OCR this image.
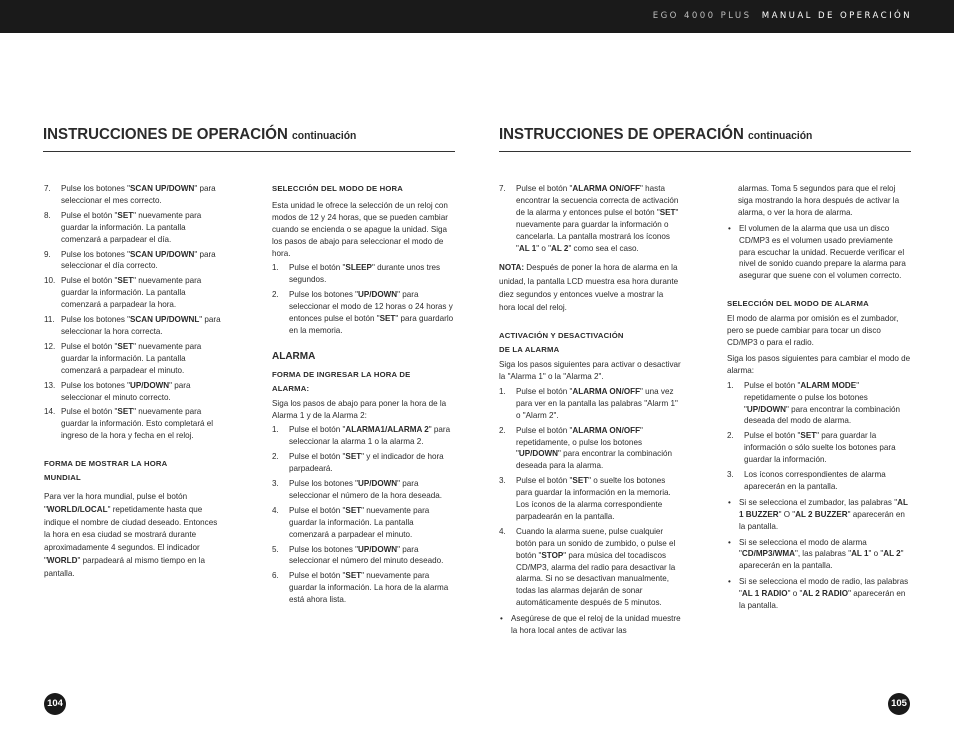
EGO 4000 PLUS MANUAL DE OPERACIÓN
INSTRUCCIONES DE OPERACIÓN continuación	INSTRUCCIONES DE OPERACIÓN continuación

7. Pulse los botones "SCAN UP/DOWN" para seleccionar el mes correcto.

8. Pulse el botón "SET" nuevamente para guardar la información. La pantalla comenzará a parpadear el día.

9. Pulse los botones "SCAN UP/DOWN" para seleccionar el día correcto.

10. Pulse el botón "SET" nuevamente para guardar la información. La pantalla comenzará a parpadear la hora.

11. Pulse los botones "SCAN UP/DOWNL" para seleccionar la hora correcta.

12. Pulse el botón "SET" nuevamente para guardar la información. La pantalla comenzará a parpadear el minuto.

13. Pulse los botones "UP/DOWN" para seleccionar el minuto correcto.

14. Pulse el botón "SET" nuevamente para guardar la información. Esto completará el ingreso de la hora y fecha en el reloj.

FORMA DE MOSTRAR LA HORA

MUNDIAL

Para ver la hora mundial, pulse el botón "WORLD/LOCAL" repetidamente hasta que indique el nombre de ciudad deseado. Entonces la hora en esa ciudad se mostrará durante aproximadamente 4 segundos. El indicador "WORLD" parpadeará al mismo tiempo en la pantalla.

SELECCIÓN DEL MODO DE HORA

Esta unidad le ofrece la selección de un reloj con modos de 12 y 24 horas, que se pueden cambiar cuando se encienda o se apague la unidad. Siga los pasos de abajo para seleccionar el modo de hora.

1. Pulse el botón "SLEEP" durante unos tres segundos.

2. Pulse los botones "UP/DOWN" para seleccionar el modo de 12 horas o 24 horas y entonces pulse el botón "SET" para guardarlo en la memoria.

ALARMA

FORMA DE INGRESAR LA HORA DE

ALARMA:

Siga los pasos de abajo para poner la hora de la Alarma 1 y de la Alarma 2:

1. Pulse el botón "ALARMA1/ALARMA 2" para seleccionar la alarma 1 o la alarma 2.

2. Pulse el botón "SET" y el indicador de hora parpadeará.

3. Pulse los botones "UP/DOWN" para seleccionar el número de la hora deseada.

4. Pulse el botón "SET" nuevamente para guardar la información. La pantalla comenzará a parpadear el minuto.

5. Pulse los botones "UP/DOWN" para seleccionar el número del minuto deseado.

6. Pulse el botón "SET" nuevamente para guardar la información. La hora de la alarma está ahora lista.

7. Pulse el botón "ALARMA ON/OFF" hasta encontrar la secuencia correcta de activación de la alarma y entonces pulse el botón "SET" nuevamente para guardar la información o cancelarla. La pantalla mostrará los íconos "AL 1" o "AL 2" como sea el caso.

NOTA: Después de poner la hora de alarma en la unidad, la pantalla LCD muestra esa hora durante diez segundos y entonces vuelve a mostrar la hora local del reloj.

ACTIVACIÓN Y DESACTIVACIÓN

DE LA ALARMA

Siga los pasos siguientes para activar o desactivar la "Alarma 1" o la "Alarma 2".

1. Pulse el botón "ALARMA ON/OFF" una vez para ver en la pantalla las palabras "Alarm 1" o "Alarm 2".

2. Pulse el botón "ALARMA ON/OFF" repetidamente, o pulse los botones "UP/DOWN" para encontrar la combinación deseada para la alarma.

3. Pulse el botón "SET" o suelte los botones para guardar la información en la memoria. Los íconos de la alarma correspondiente parpadearán en la pantalla.

4. Cuando la alarma suene, pulse cualquier botón para un sonido de zumbido, o pulse el botón "STOP" para música del tocadiscos CD/MP3, alarma del radio para desactivar la alarma. Si no se desactivan manualmente, todas las alarmas dejarán de sonar automáticamente después de 5 minutos.

• Asegúrese de que el reloj de la unidad muestre la hora local antes de activar las

alarmas. Toma 5 segundos para que el reloj siga mostrando la hora después de activar la alarma, o ver la hora de alarma.

• El volumen de la alarma que usa un disco CD/MP3 es el volumen usado previamente para escuchar la unidad. Recuerde verificar el nivel de sonido cuando prepare la alarma para asegurar que suene con el volumen correcto.

SELECCIÓN DEL MODO DE ALARMA

El modo de alarma por omisión es el zumbador, pero se puede cambiar para tocar un disco CD/MP3 o para el radio.

Siga los pasos siguientes para cambiar el modo de alarma:

1. Pulse el botón "ALARM MODE" repetidamente o pulse los botones "UP/DOWN" para encontrar la combinación deseada del modo de alarma.

2. Pulse el botón "SET" para guardar la información o sólo suelte los botones para guardar la información.

3. Los íconos correspondientes de alarma aparecerán en la pantalla.

• Si se selecciona el zumbador, las palabras "AL 1 BUZZER" O "AL 2 BUZZER" aparecerán en la pantalla.

• Si se selecciona el modo de alarma "CD/MP3/WMA", las palabras "AL 1" o "AL 2" aparecerán en la pantalla.

• Si se selecciona el modo de radio, las palabras "AL 1 RADIO" o "AL 2 RADIO" aparecerán en la pantalla.

104	105
